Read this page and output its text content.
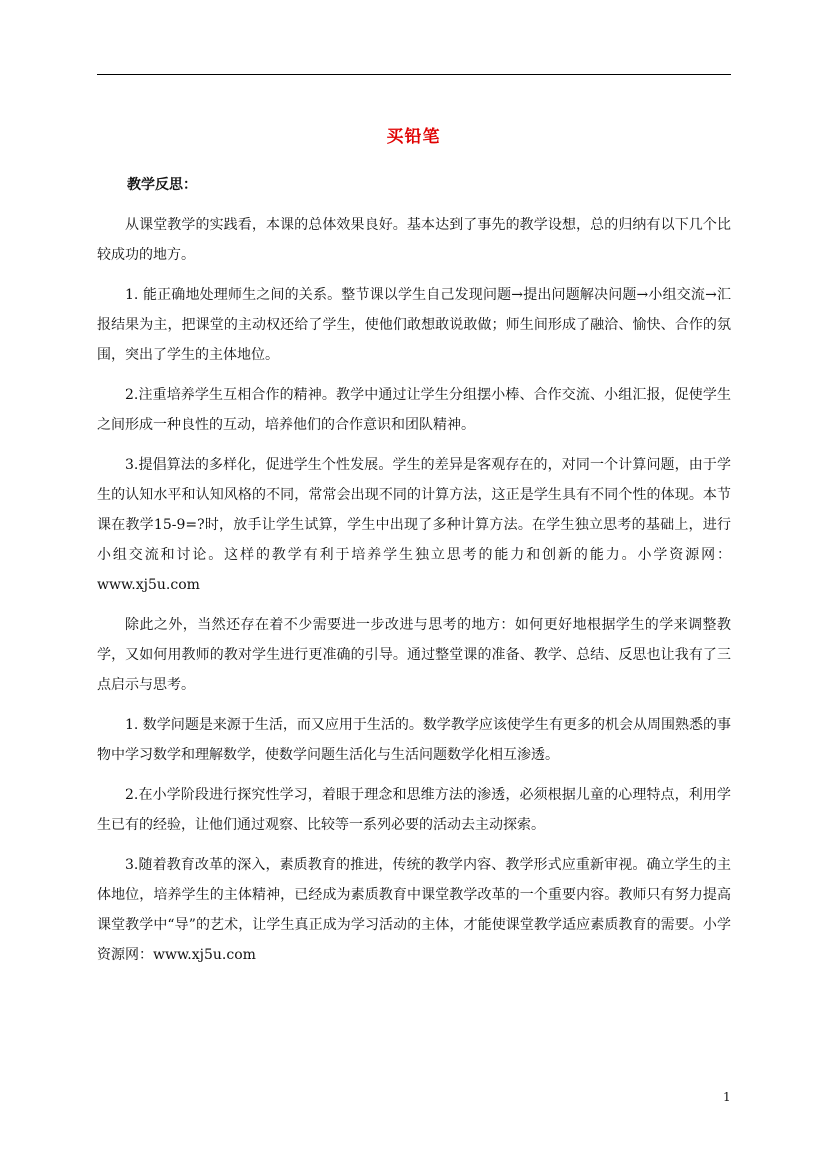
买铅笔

教学反思：

从课堂教学的实践看，本课的总体效果良好。基本达到了事先的教学设想，总的归纳有以下几个比较成功的地方。

1. 能正确地处理师生之间的关系。整节课以学生自己发现问题→提出问题解决问题→小组交流→汇报结果为主，把课堂的主动权还给了学生，使他们敢想敢说敢做；师生间形成了融洽、愉快、合作的氛围，突出了学生的主体地位。

2.注重培养学生互相合作的精神。教学中通过让学生分组摆小棒、合作交流、小组汇报，促使学生之间形成一种良性的互动，培养他们的合作意识和团队精神。

3.提倡算法的多样化，促进学生个性发展。学生的差异是客观存在的，对同一个计算问题，由于学生的认知水平和认知风格的不同，常常会出现不同的计算方法，这正是学生具有不同个性的体现。本节课在教学15-9=?时，放手让学生试算，学生中出现了多种计算方法。在学生独立思考的基础上，进行小组交流和讨论。这样的教学有利于培养学生独立思考的能力和创新的能力。小学资源网：www.xj5u.com

除此之外，当然还存在着不少需要进一步改进与思考的地方：如何更好地根据学生的学来调整教学，又如何用教师的教对学生进行更准确的引导。通过整堂课的准备、教学、总结、反思也让我有了三点启示与思考。

1. 数学问题是来源于生活，而又应用于生活的。数学教学应该使学生有更多的机会从周围熟悉的事物中学习数学和理解数学，使数学问题生活化与生活问题数学化相互渗透。

2.在小学阶段进行探究性学习，着眼于理念和思维方法的渗透，必须根据儿童的心理特点，利用学生已有的经验，让他们通过观察、比较等一系列必要的活动去主动探索。

3.随着教育改革的深入，素质教育的推进，传统的教学内容、教学形式应重新审视。确立学生的主体地位，培养学生的主体精神，已经成为素质教育中课堂教学改革的一个重要内容。教师只有努力提高课堂教学中“导”的艺术，让学生真正成为学习活动的主体，才能使课堂教学适应素质教育的需要。小学资源网：www.xj5u.com

1
